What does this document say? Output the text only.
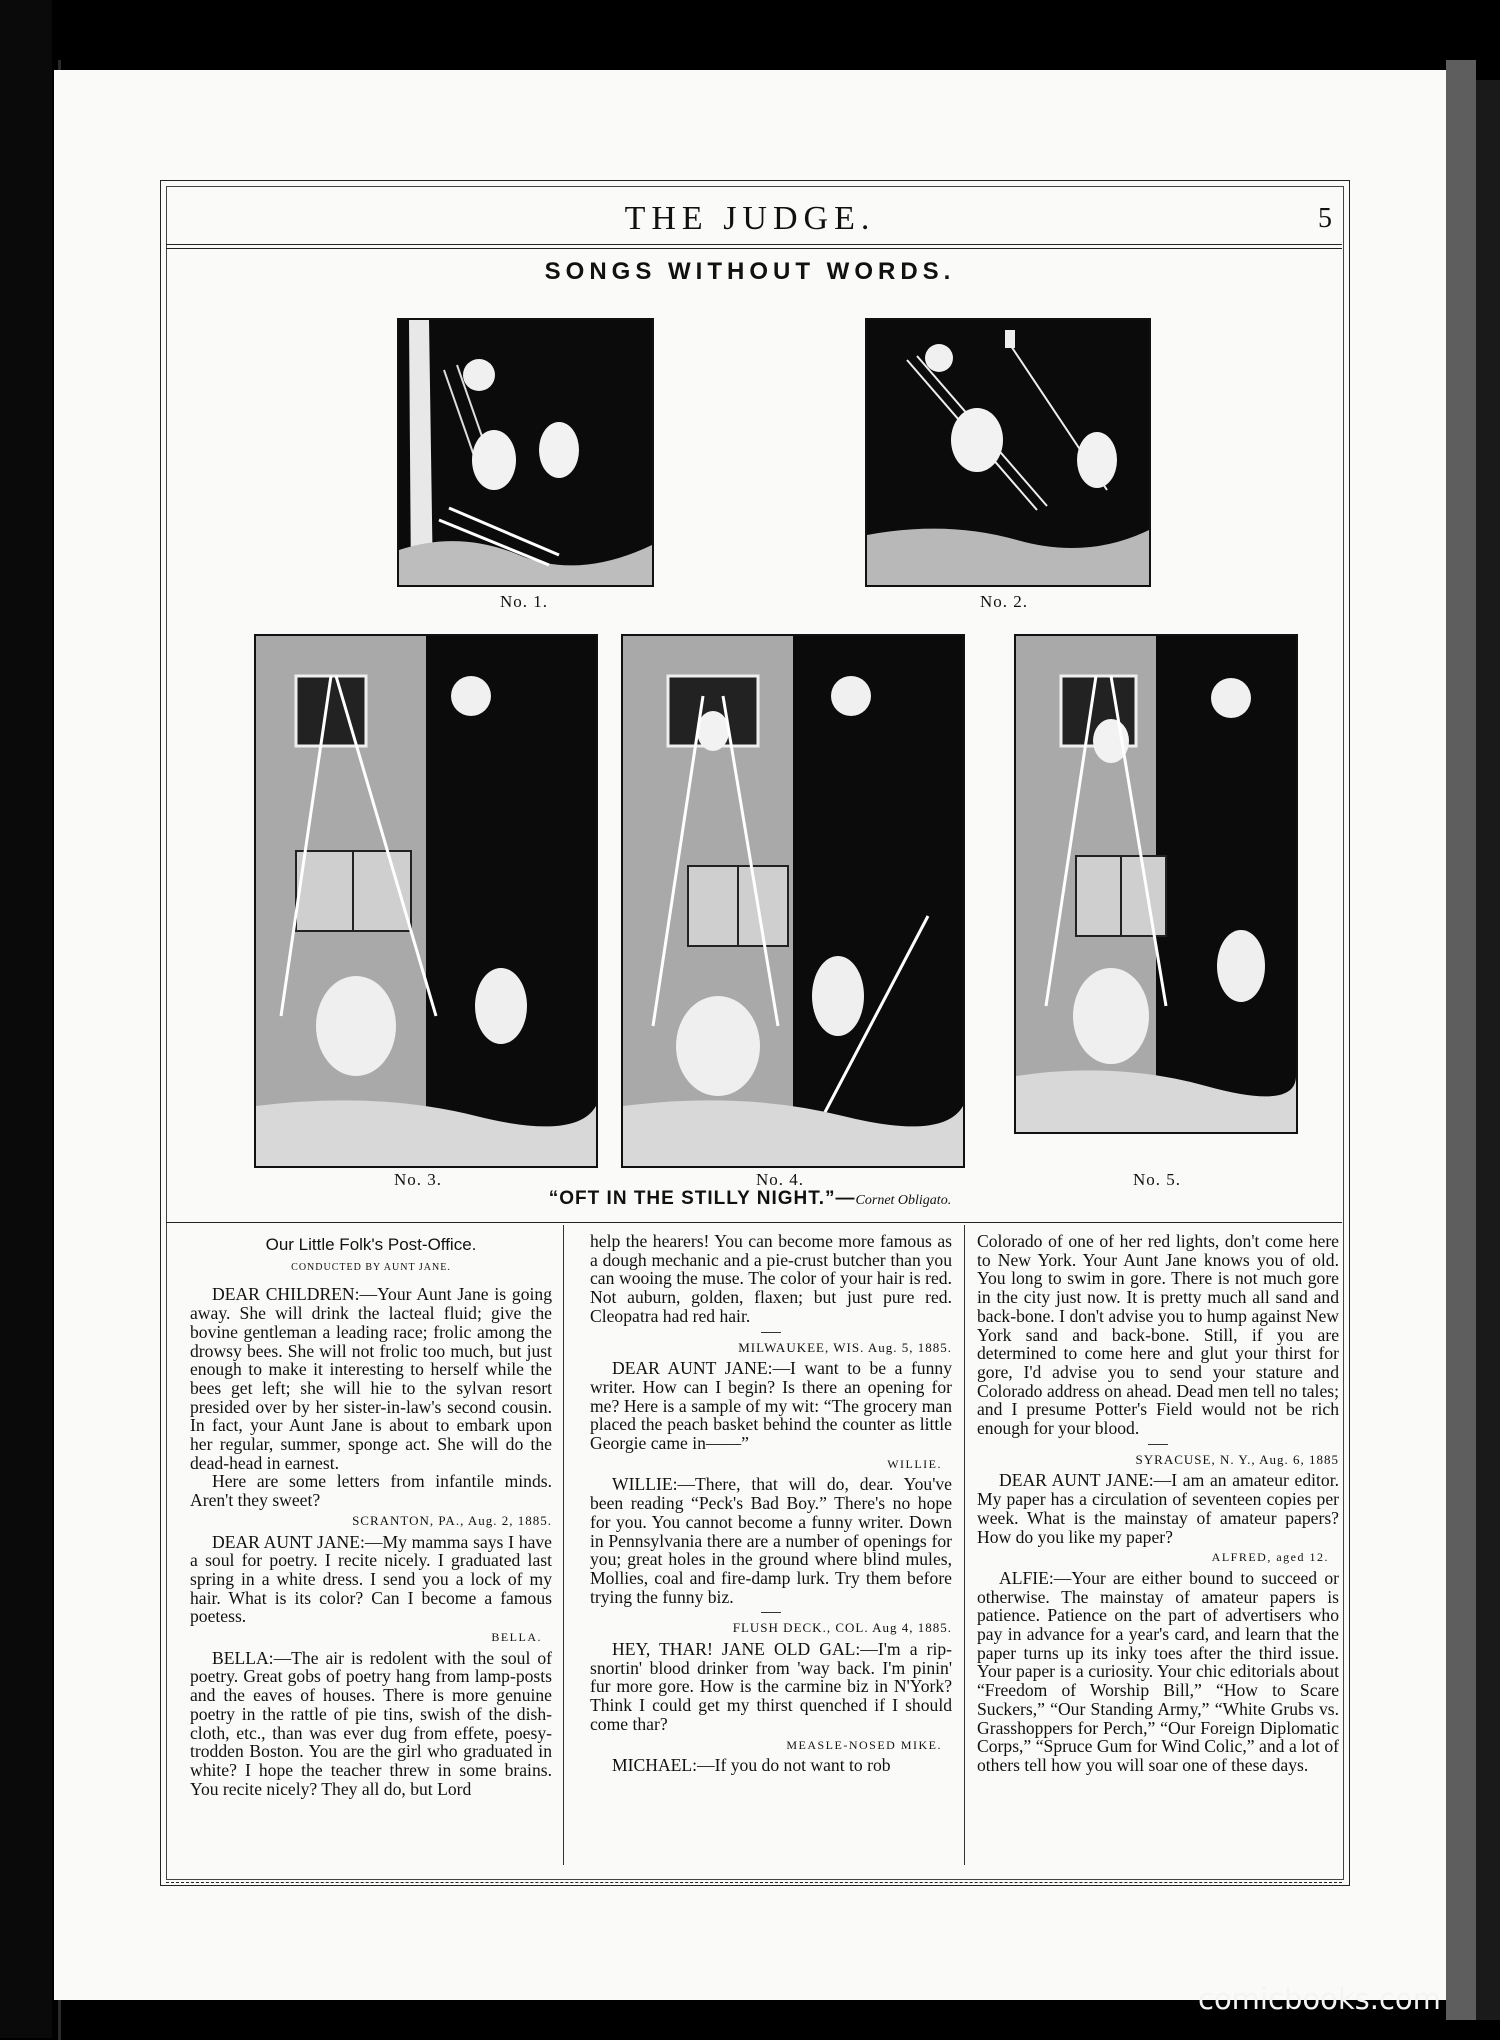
THE JUDGE.	5
SONGS WITHOUT WORDS.
No. 1.	No. 2.
No. 3.	No. 4.	No. 5.
“OFT IN THE STILLY NIGHT.”—Cornet Obligato.

Our Little Folk's Post-Office.

CONDUCTED BY AUNT JANE.

DEAR CHILDREN:—Your Aunt Jane is going away. She will drink the lacteal fluid; give the bovine gentleman a leading race; frolic among the drowsy bees. She will not frolic too much, but just enough to make it interesting to herself while the bees get left; she will hie to the sylvan resort presided over by her sister-in-law's second cousin. In fact, your Aunt Jane is about to embark upon her regular, summer, sponge act. She will do the dead-head in earnest.

Here are some letters from infantile minds. Aren't they sweet?

SCRANTON, PA., Aug. 2, 1885.

DEAR AUNT JANE:—My mamma says I have a soul for poetry. I recite nicely. I graduated last spring in a white dress. I send you a lock of my hair. What is its color? Can I become a famous poetess.

BELLA.

BELLA:—The air is redolent with the soul of poetry. Great gobs of poetry hang from lamp-posts and the eaves of houses. There is more genuine poetry in the rattle of pie tins, swish of the dish-cloth, etc., than was ever dug from effete, poesy-trodden Boston. You are the girl who graduated in white? I hope the teacher threw in some brains. You recite nicely? They all do, but Lord

help the hearers! You can become more famous as a dough mechanic and a pie-crust butcher than you can wooing the muse. The color of your hair is red. Not auburn, golden, flaxen; but just pure red. Cleopatra had red hair.

MILWAUKEE, WIS. Aug. 5, 1885.

DEAR AUNT JANE:—I want to be a funny writer. How can I begin? Is there an opening for me? Here is a sample of my wit: “The grocery man placed the peach basket behind the counter as little Georgie came in——”

WILLIE.

WILLIE:—There, that will do, dear. You've been reading “Peck's Bad Boy.” There's no hope for you. You cannot become a funny writer. Down in Pennsylvania there are a number of openings for you; great holes in the ground where blind mules, Mollies, coal and fire-damp lurk. Try them before trying the funny biz.

FLUSH DECK., COL. Aug 4, 1885.

HEY, THAR! JANE OLD GAL:—I'm a rip-snortin' blood drinker from 'way back. I'm pinin' fur more gore. How is the carmine biz in N'York? Think I could get my thirst quenched if I should come thar?

MEASLE-NOSED MIKE.

MICHAEL:—If you do not want to rob

Colorado of one of her red lights, don't come here to New York. Your Aunt Jane knows you of old. You long to swim in gore. There is not much gore in the city just now. It is pretty much all sand and back-bone. I don't advise you to hump against New York sand and back-bone. Still, if you are determined to come here and glut your thirst for gore, I'd advise you to send your stature and Colorado address on ahead. Dead men tell no tales; and I presume Potter's Field would not be rich enough for your blood.

SYRACUSE, N. Y., Aug. 6, 1885

DEAR AUNT JANE:—I am an amateur editor. My paper has a circulation of seventeen copies per week. What is the mainstay of amateur papers? How do you like my paper?

ALFRED, aged 12.

ALFIE:—Your are either bound to succeed or otherwise. The mainstay of amateur papers is patience. Patience on the part of advertisers who pay in advance for a year's card, and learn that the paper turns up its inky toes after the third issue. Your paper is a curiosity. Your chic editorials about “Freedom of Worship Bill,” “How to Scare Suckers,” “Our Standing Army,” “White Grubs vs. Grasshoppers for Perch,” “Our Foreign Diplomatic Corps,” “Spruce Gum for Wind Colic,” and a lot of others tell how you will soar one of these days.

comicbooks.com
